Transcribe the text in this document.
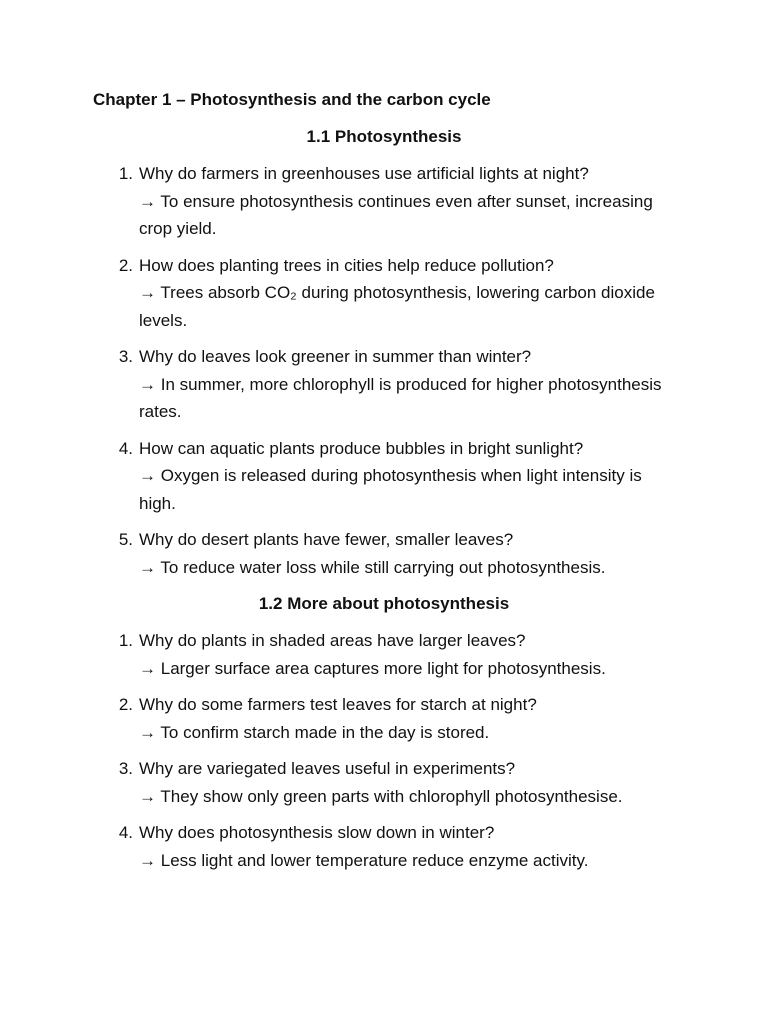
Chapter 1 – Photosynthesis and the carbon cycle
1.1 Photosynthesis
1. Why do farmers in greenhouses use artificial lights at night?
→ To ensure photosynthesis continues even after sunset, increasing crop yield.
2. How does planting trees in cities help reduce pollution?
→ Trees absorb CO₂ during photosynthesis, lowering carbon dioxide levels.
3. Why do leaves look greener in summer than winter?
→ In summer, more chlorophyll is produced for higher photosynthesis rates.
4. How can aquatic plants produce bubbles in bright sunlight?
→ Oxygen is released during photosynthesis when light intensity is high.
5. Why do desert plants have fewer, smaller leaves?
→ To reduce water loss while still carrying out photosynthesis.
1.2 More about photosynthesis
1. Why do plants in shaded areas have larger leaves?
→ Larger surface area captures more light for photosynthesis.
2. Why do some farmers test leaves for starch at night?
→ To confirm starch made in the day is stored.
3. Why are variegated leaves useful in experiments?
→ They show only green parts with chlorophyll photosynthesise.
4. Why does photosynthesis slow down in winter?
→ Less light and lower temperature reduce enzyme activity.
